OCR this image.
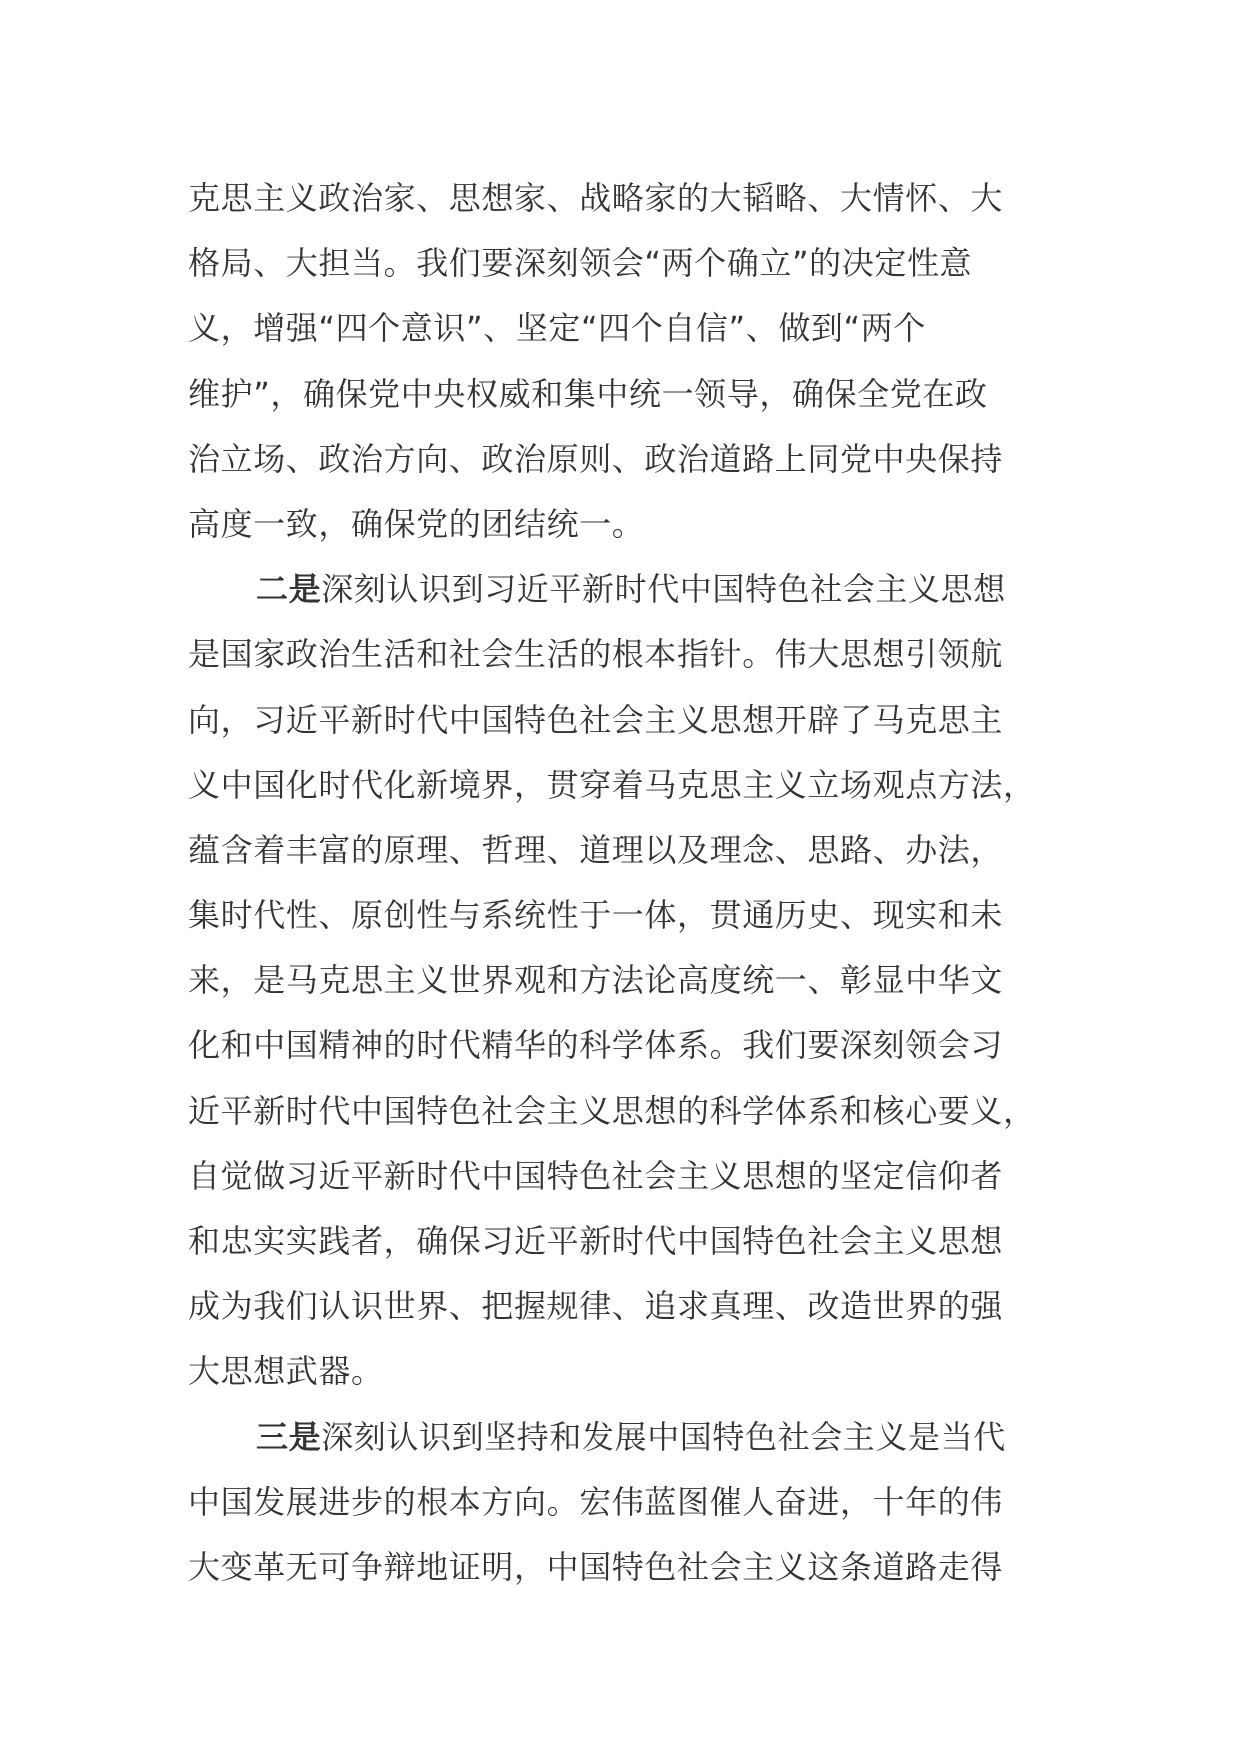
克思主义政治家、思想家、战略家的大韬略、大情怀、大
格局、大担当。我们要深刻领会“两个确立”的决定性意
义，增强“四个意识”、坚定“四个自信”、做到“两个
维护”，确保党中央权威和集中统一领导，确保全党在政
治立场、政治方向、政治原则、政治道路上同党中央保持
高度一致，确保党的团结统一。
二是深刻认识到习近平新时代中国特色社会主义思想
是国家政治生活和社会生活的根本指针。伟大思想引领航
向，习近平新时代中国特色社会主义思想开辟了马克思主
义中国化时代化新境界，贯穿着马克思主义立场观点方法，
蕴含着丰富的原理、哲理、道理以及理念、思路、办法，
集时代性、原创性与系统性于一体，贯通历史、现实和未
来，是马克思主义世界观和方法论高度统一、彰显中华文
化和中国精神的时代精华的科学体系。我们要深刻领会习
近平新时代中国特色社会主义思想的科学体系和核心要义，
自觉做习近平新时代中国特色社会主义思想的坚定信仰者
和忠实实践者，确保习近平新时代中国特色社会主义思想
成为我们认识世界、把握规律、追求真理、改造世界的强
大思想武器。
三是深刻认识到坚持和发展中国特色社会主义是当代
中国发展进步的根本方向。宏伟蓝图催人奋进，十年的伟
大变革无可争辩地证明，中国特色社会主义这条道路走得
